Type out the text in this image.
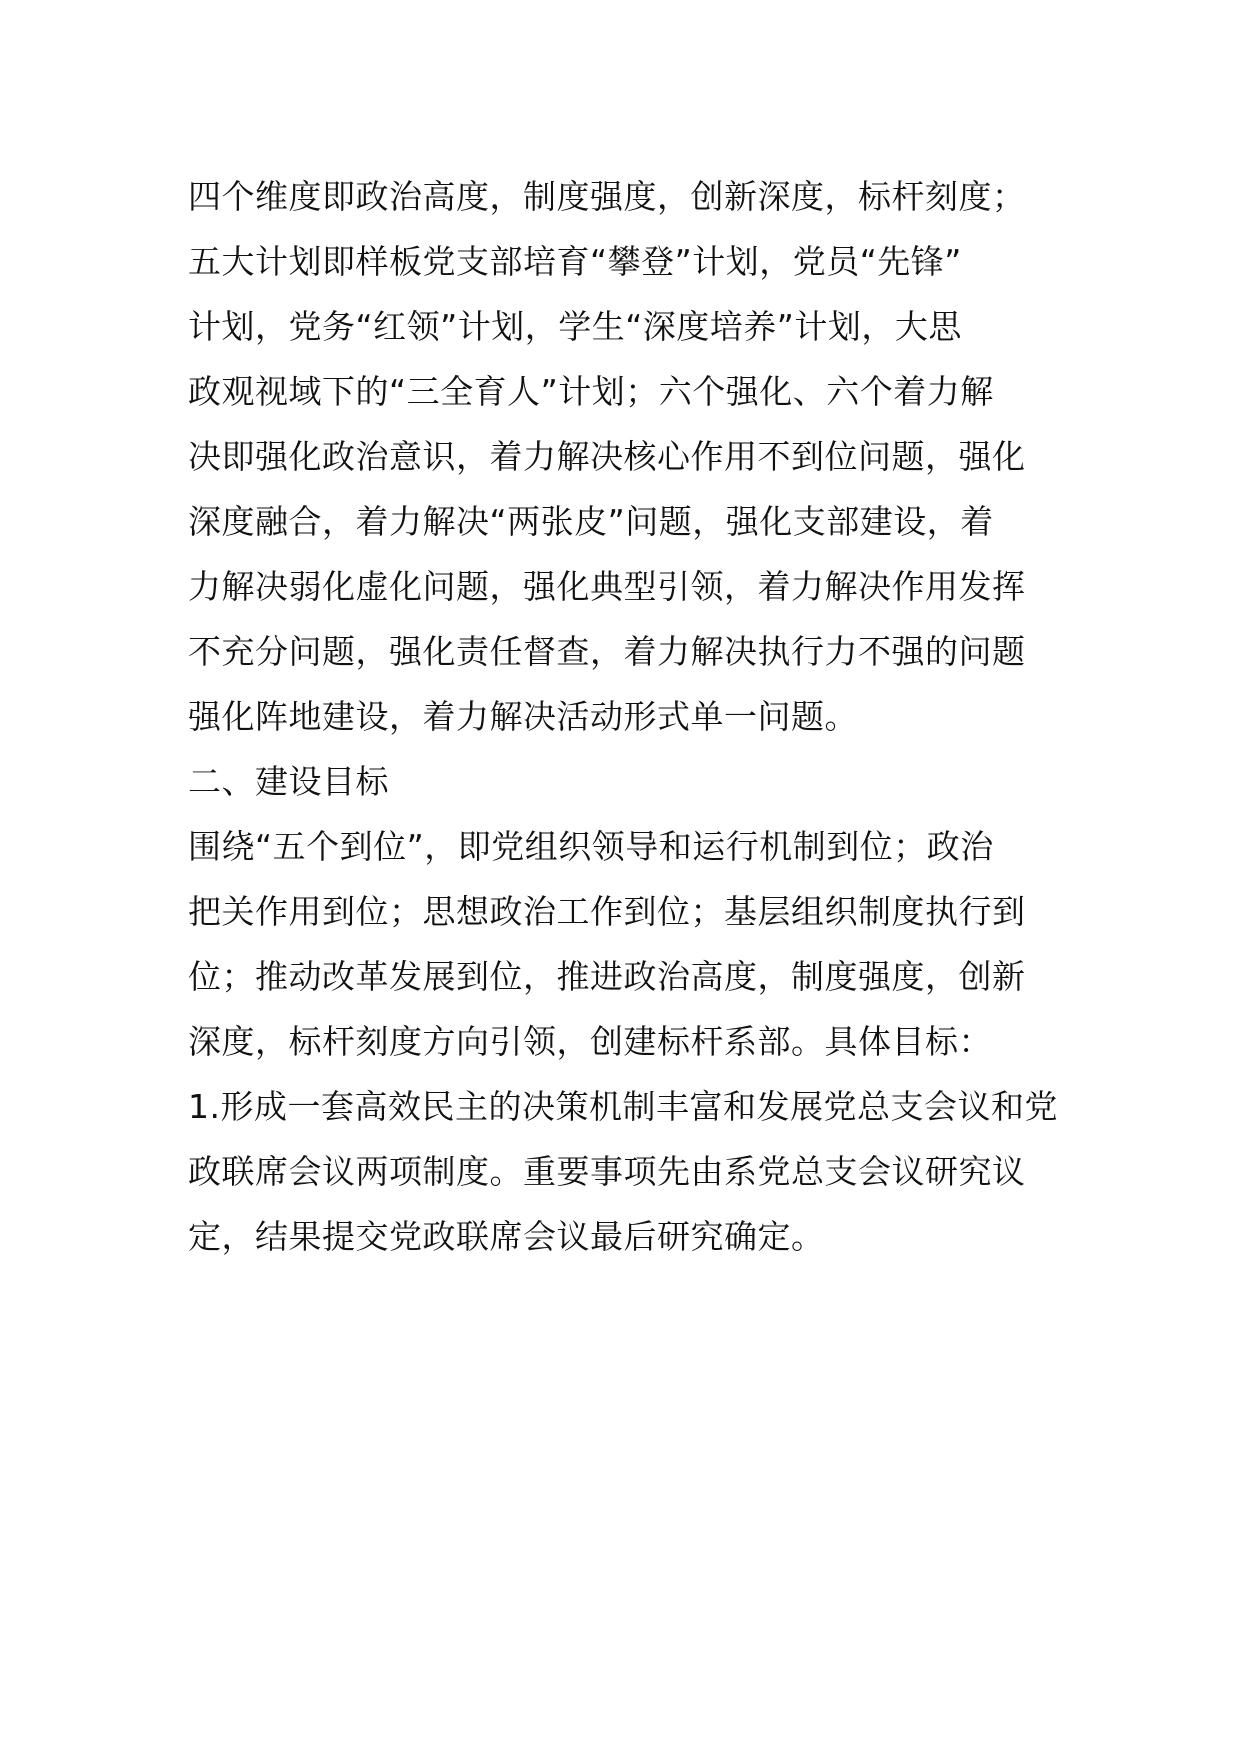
四个维度即政治高度，制度强度，创新深度，标杆刻度；
五大计划即样板党支部培育“攀登”计划，党员“先锋”
计划，党务“红领”计划，学生“深度培养”计划，大思
政观视域下的“三全育人”计划；六个强化、六个着力解
决即强化政治意识，着力解决核心作用不到位问题，强化
深度融合，着力解决“两张皮”问题，强化支部建设，着
力解决弱化虚化问题，强化典型引领，着力解决作用发挥
不充分问题，强化责任督查，着力解决执行力不强的问题
强化阵地建设，着力解决活动形式单一问题。
二、建设目标
围绕“五个到位”，即党组织领导和运行机制到位；政治
把关作用到位；思想政治工作到位；基层组织制度执行到
位；推动改革发展到位，推进政治高度，制度强度，创新
深度，标杆刻度方向引领，创建标杆系部。具体目标：
1.形成一套高效民主的决策机制丰富和发展党总支会议和党
政联席会议两项制度。重要事项先由系党总支会议研究议
定，结果提交党政联席会议最后研究确定。
